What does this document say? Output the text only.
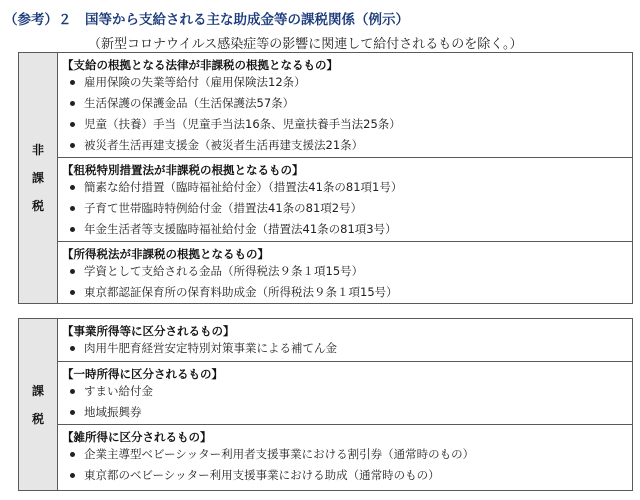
（参考）２　国等から支給される主な助成金等の課税関係（例示）
（新型コロナウイルス感染症等の影響に関連して給付されるものを除く。）
非
課
税
【支給の根拠となる法律が非課税の根拠となるもの】
雇用保険の失業等給付（雇用保険法12条）
生活保護の保護金品（生活保護法57条）
児童（扶養）手当（児童手当法16条、児童扶養手当法25条）
被災者生活再建支援金（被災者生活再建支援法21条）
【租税特別措置法が非課税の根拠となるもの】
簡素な給付措置（臨時福祉給付金）（措置法41条の81項1号）
子育て世帯臨時特例給付金（措置法41条の81項2号）
年金生活者等支援臨時福祉給付金（措置法41条の81項3号）
【所得税法が非課税の根拠となるもの】
学資として支給される金品（所得税法９条１項15号）
東京都認証保育所の保育料助成金（所得税法９条１項15号）
課
税
【事業所得等に区分されるもの】
肉用牛肥育経営安定特別対策事業による補てん金
【一時所得に区分されるもの】
すまい給付金
地域振興券
【雑所得に区分されるもの】
企業主導型ベビーシッター利用者支援事業における割引券（通常時のもの）
東京都のベビーシッター利用支援事業における助成（通常時のもの）
